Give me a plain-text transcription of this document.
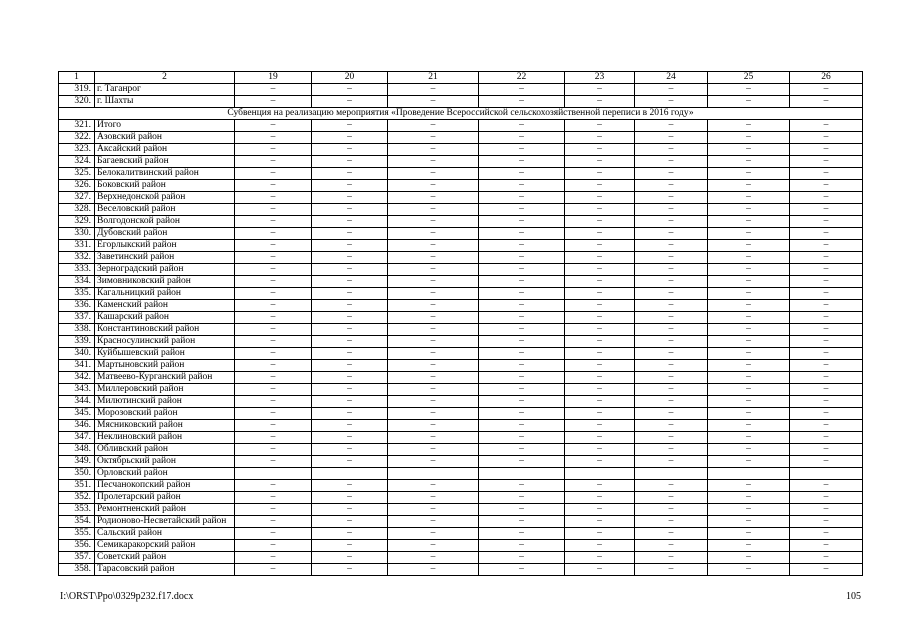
1	2	19	20	21	22	23	24	25	26
319.	г. Таганрог	–	–	–	–	–	–	–	–
320.	г. Шахты	–	–	–	–	–	–	–	–
Субвенция на реализацию мероприятия «Проведение Всероссийской сельскохозяйственной переписи в 2016 году»									
321.	Итого	–	–	–	–	–	–	–	–
322.	Азовский район	–	–	–	–	–	–	–	–
323.	Аксайский район	–	–	–	–	–	–	–	–
324.	Багаевский район	–	–	–	–	–	–	–	–
325.	Белокалитвинский район	–	–	–	–	–	–	–	–
326.	Боковский район	–	–	–	–	–	–	–	–
327.	Верхнедонской район	–	–	–	–	–	–	–	–
328.	Веселовский район	–	–	–	–	–	–	–	–
329.	Волгодонской район	–	–	–	–	–	–	–	–
330.	Дубовский район	–	–	–	–	–	–	–	–
331.	Егорлыкский район	–	–	–	–	–	–	–	–
332.	Заветинский район	–	–	–	–	–	–	–	–
333.	Зерноградский район	–	–	–	–	–	–	–	–
334.	Зимовниковский район	–	–	–	–	–	–	–	–
335.	Кагальницкий район	–	–	–	–	–	–	–	–
336.	Каменский район	–	–	–	–	–	–	–	–
337.	Кашарский район	–	–	–	–	–	–	–	–
338.	Константиновский район	–	–	–	–	–	–	–	–
339.	Красносулинский район	–	–	–	–	–	–	–	–
340.	Куйбышевский район	–	–	–	–	–	–	–	–
341.	Мартыновский район	–	–	–	–	–	–	–	–
342.	Матвеево-Курганский район	–	–	–	–	–	–	–	–
343.	Миллеровский район	–	–	–	–	–	–	–	–
344.	Милютинский район	–	–	–	–	–	–	–	–
345.	Морозовский район	–	–	–	–	–	–	–	–
346.	Мясниковский район	–	–	–	–	–	–	–	–
347.	Неклиновский район	–	–	–	–	–	–	–	–
348.	Обливский район	–	–	–	–	–	–	–	–
349.	Октябрьский район	–	–	–	–	–	–	–	–
350.	Орловский район								
351.	Песчанокопский район	–	–	–	–	–	–	–	–
352.	Пролетарский район	–	–	–	–	–	–	–	–
353.	Ремонтненский район	–	–	–	–	–	–	–	–
354.	Родионово-Несветайский район	–	–	–	–	–	–	–	–
355.	Сальский район	–	–	–	–	–	–	–	–
356.	Семикаракорский район	–	–	–	–	–	–	–	–
357.	Советский район	–	–	–	–	–	–	–	–
358.	Тарасовский район	–	–	–	–	–	–	–	–
I:\ORST\Ppo\0329p232.f17.docx	105
